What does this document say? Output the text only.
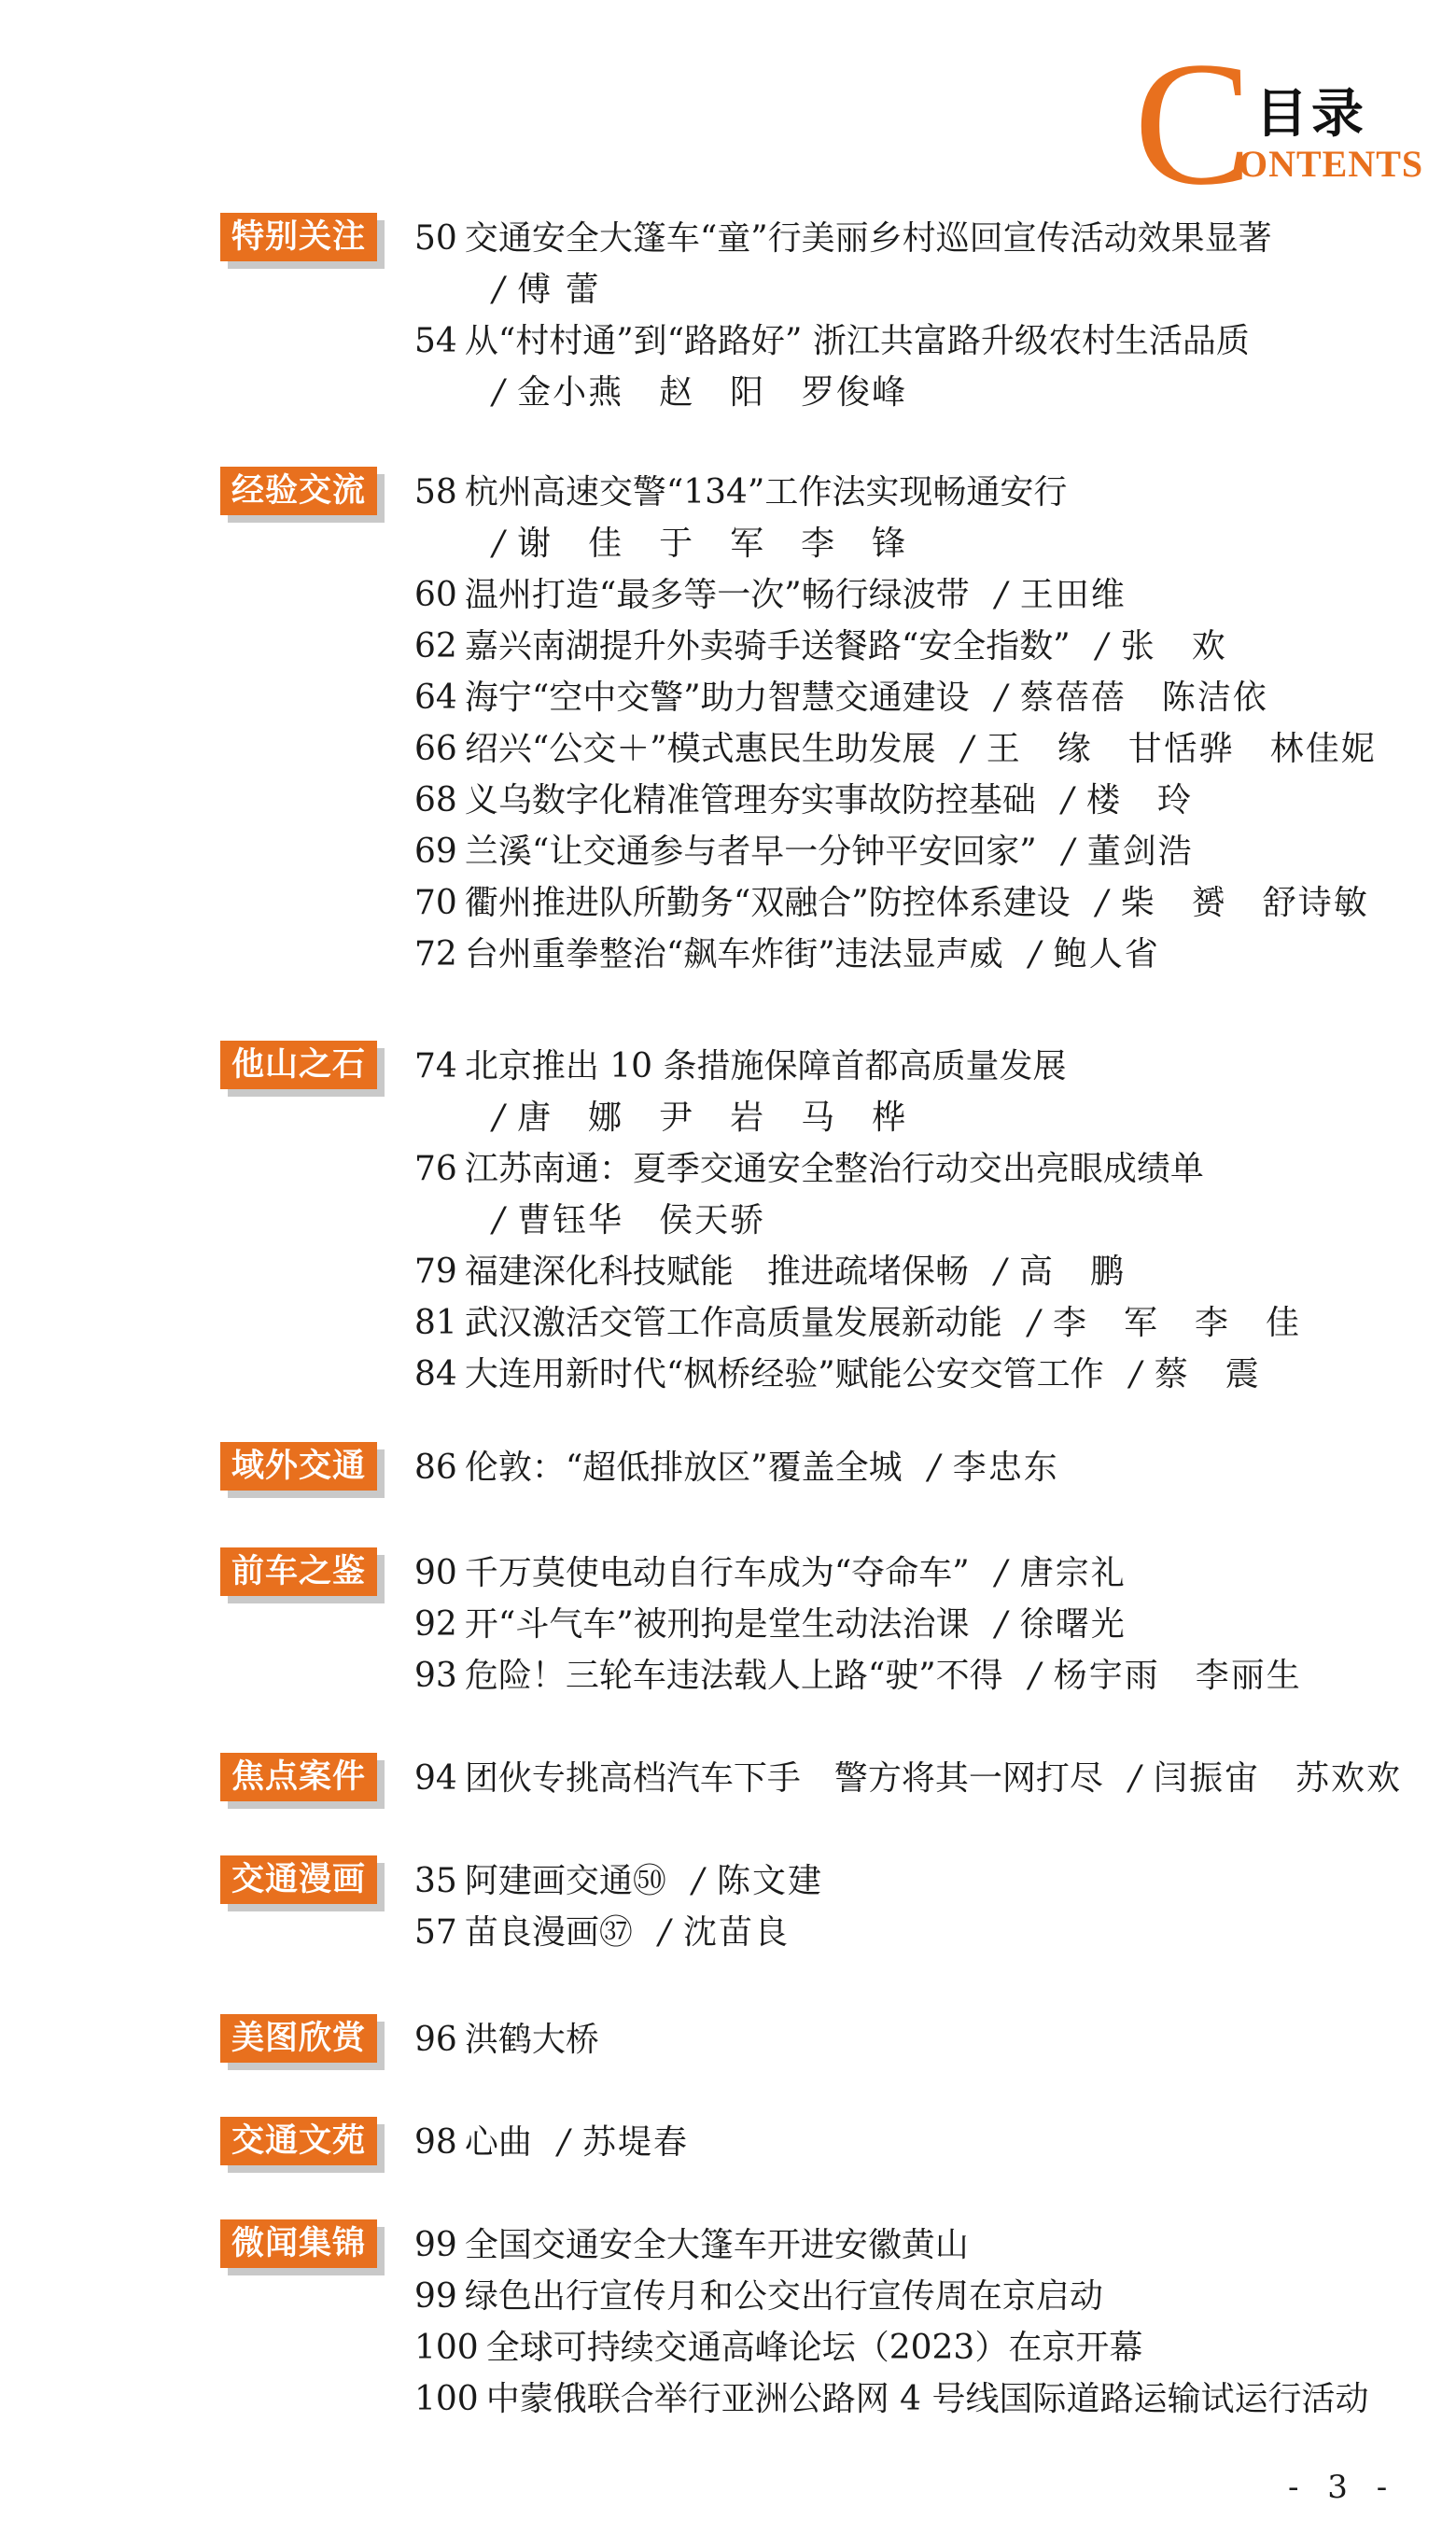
C 目录
ONTENTS
特别关注	50 交通安全大篷车“童”行美丽乡村巡回宣传活动效果显著
/ 傅 蕾
54 从“村村通”到“路路好” 浙江共富路升级农村生活品质
/ 金小燕　赵　阳　罗俊峰
经验交流	58 杭州高速交警“134”工作法实现畅通安行
/ 谢　佳　于　军　李　锋
60 温州打造“最多等一次”畅行绿波带 / 王田维
62 嘉兴南湖提升外卖骑手送餐路“安全指数” / 张　欢
64 海宁“空中交警”助力智慧交通建设 / 蔡蓓蓓　陈洁依
66 绍兴“公交＋”模式惠民生助发展 / 王　缘　甘恬骅　林佳妮
68 义乌数字化精准管理夯实事故防控基础 / 楼　玲
69 兰溪“让交通参与者早一分钟平安回家” / 董剑浩
70 衢州推进队所勤务“双融合”防控体系建设 / 柴　赟　舒诗敏
72 台州重拳整治“飙车炸街”违法显声威 / 鲍人省
他山之石	74 北京推出 10 条措施保障首都高质量发展
/ 唐　娜　尹　岩　马　桦
76 江苏南通：夏季交通安全整治行动交出亮眼成绩单
/ 曹钰华　侯天骄
79 福建深化科技赋能　推进疏堵保畅 / 高　鹏
81 武汉激活交管工作高质量发展新动能 / 李　军　李　佳
84 大连用新时代“枫桥经验”赋能公安交管工作 / 蔡　震
域外交通	86 伦敦：“超低排放区”覆盖全城 / 李忠东
前车之鉴	90 千万莫使电动自行车成为“夺命车” / 唐宗礼
92 开“斗气车”被刑拘是堂生动法治课 / 徐曙光
93 危险！三轮车违法载人上路“驶”不得 / 杨宇雨　李丽生
焦点案件	94 团伙专挑高档汽车下手　警方将其一网打尽 / 闫振宙　苏欢欢
交通漫画	35 阿建画交通㊿ / 陈文建
57 苗良漫画㊲ / 沈苗良
美图欣赏	96 洪鹤大桥
交通文苑	98 心曲 / 苏堤春
微闻集锦	99 全国交通安全大篷车开进安徽黄山
99 绿色出行宣传月和公交出行宣传周在京启动
100 全球可持续交通高峰论坛（2023）在京开幕
100 中蒙俄联合举行亚洲公路网 4 号线国际道路运输试运行活动
- 3 -
